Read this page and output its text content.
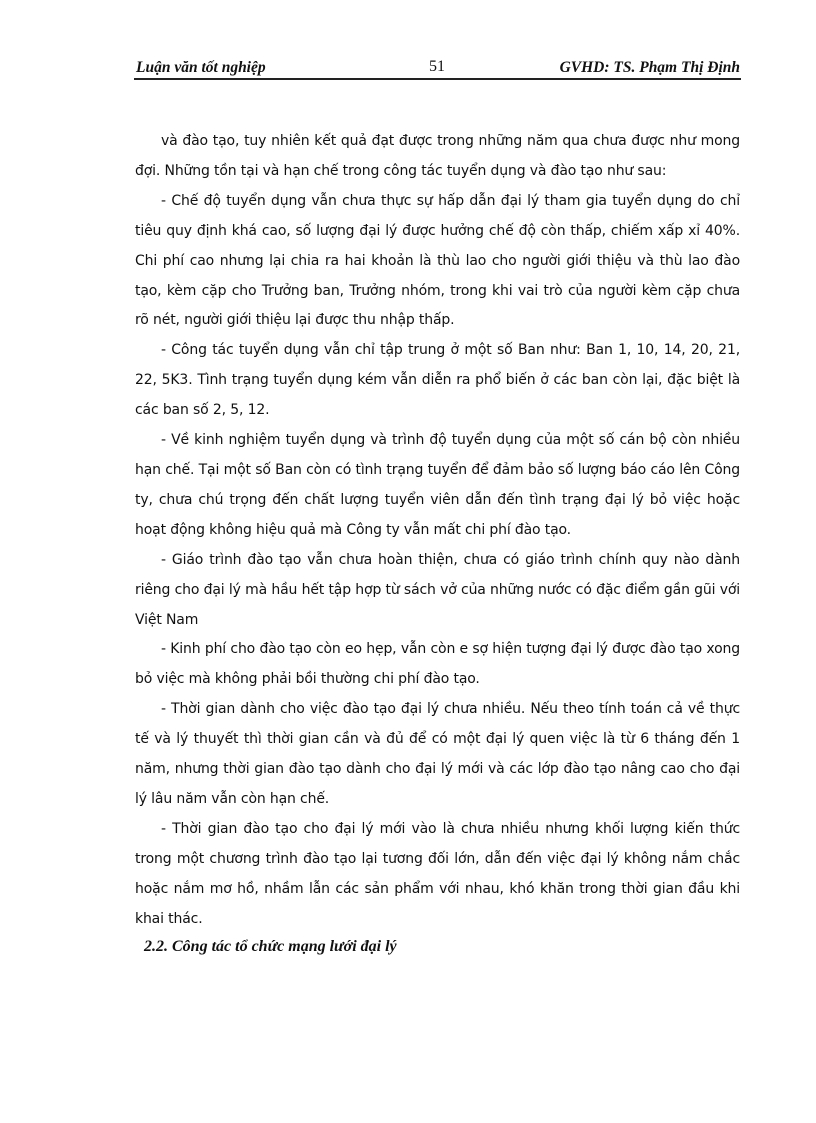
Luận văn tốt nghiệp	51	GVHD: TS. Phạm Thị Định

và đào tạo, tuy nhiên kết quả đạt được trong những năm qua chưa được như mong đợi. Những tồn tại và hạn chế trong công tác tuyển dụng và đào tạo như sau:

- Chế độ tuyển dụng vẫn chưa thực sự hấp dẫn đại lý tham gia tuyển dụng do chỉ tiêu quy định khá cao, số lượng đại lý được hưởng chế độ còn thấp, chiếm xấp xỉ 40%. Chi phí cao nhưng lại chia ra hai khoản là thù lao cho người giới thiệu và thù lao đào tạo, kèm cặp cho Trưởng ban, Trưởng nhóm, trong khi vai trò của người kèm cặp chưa rõ nét, người giới thiệu lại được thu nhập thấp.

- Công tác tuyển dụng vẫn chỉ tập trung ở một số Ban như: Ban 1, 10, 14, 20, 21, 22, 5K3. Tình trạng tuyển dụng kém vẫn diễn ra phổ biến ở các ban còn lại, đặc biệt là các ban số 2, 5, 12.

- Về kinh nghiệm tuyển dụng và trình độ tuyển dụng của một số cán bộ còn nhiều hạn chế. Tại một số Ban còn có tình trạng tuyển để đảm bảo số lượng báo cáo lên Công ty, chưa chú trọng đến chất lượng tuyển viên dẫn đến tình trạng đại lý bỏ việc hoặc hoạt động không hiệu quả mà Công ty vẫn mất chi phí đào tạo.

- Giáo trình đào tạo vẫn chưa hoàn thiện, chưa có giáo trình chính quy nào dành riêng cho đại lý mà hầu hết tập hợp từ sách vở của những nước có đặc điểm gần gũi với Việt Nam

- Kinh phí cho đào tạo còn eo hẹp, vẫn còn e sợ hiện tượng đại lý được đào tạo xong bỏ việc mà không phải bồi thường chi phí đào tạo.

- Thời gian dành cho việc đào tạo đại lý chưa nhiều. Nếu theo tính toán cả về thực tế và lý thuyết thì thời gian cần và đủ để có một đại lý quen việc là từ 6 tháng đến 1 năm, nhưng thời gian đào tạo dành cho đại lý mới và các lớp đào tạo nâng cao cho đại lý lâu năm vẫn còn hạn chế.

- Thời gian đào tạo cho đại lý mới vào là chưa nhiều nhưng khối lượng kiến thức trong một chương trình đào tạo lại tương đối lớn, dẫn đến việc đại lý không nắm chắc hoặc nắm mơ hồ, nhầm lẫn các sản phẩm với nhau, khó khăn trong thời gian đầu khi khai thác.

2.2. Công tác tổ chức mạng lưới đại lý
